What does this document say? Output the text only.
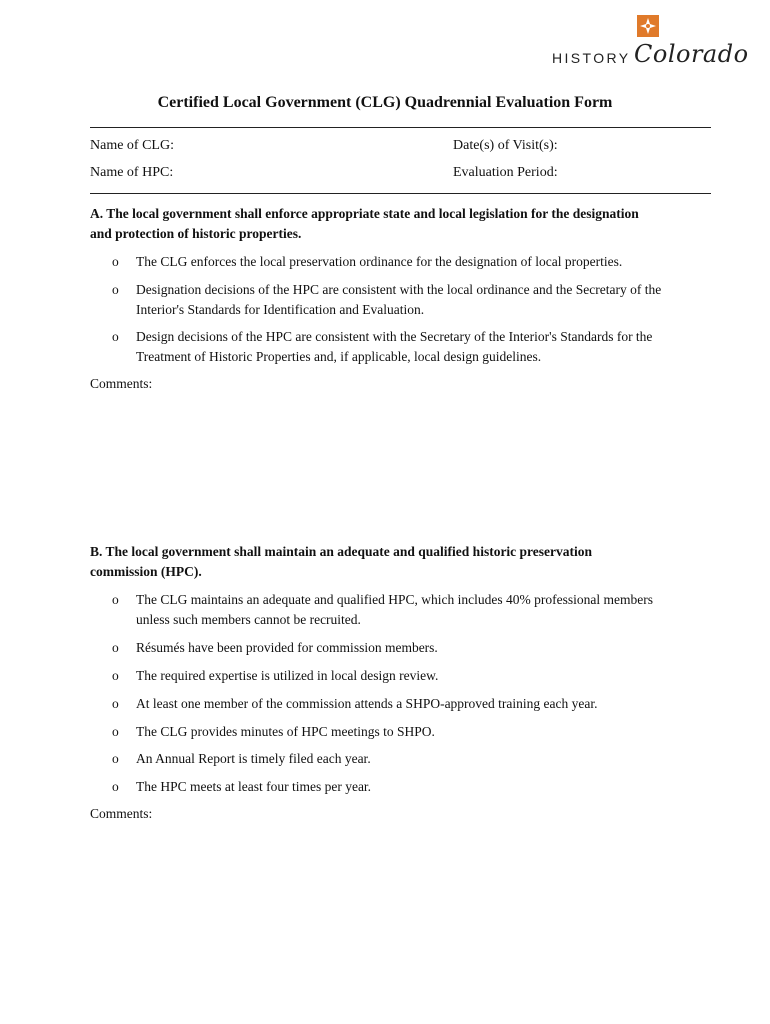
HISTORY Colorado
Certified Local Government (CLG) Quadrennial Evaluation Form
Name of CLG:	Date(s) of Visit(s):
Name of HPC:	Evaluation Period:
A. The local government shall enforce appropriate state and local legislation for the designation and protection of historic properties.
o	The CLG enforces the local preservation ordinance for the designation of local properties.
o	Designation decisions of the HPC are consistent with the local ordinance and the Secretary of the Interior's Standards for Identification and Evaluation.
o	Design decisions of the HPC are consistent with the Secretary of the Interior's Standards for the Treatment of Historic Properties and, if applicable, local design guidelines.
Comments:
B. The local government shall maintain an adequate and qualified historic preservation commission (HPC).
o	The CLG maintains an adequate and qualified HPC, which includes 40% professional members unless such members cannot be recruited.
o	Résumés have been provided for commission members.
o	The required expertise is utilized in local design review.
o	At least one member of the commission attends a SHPO-approved training each year.
o	The CLG provides minutes of HPC meetings to SHPO.
o	An Annual Report is timely filed each year.
o	The HPC meets at least four times per year.
Comments:
